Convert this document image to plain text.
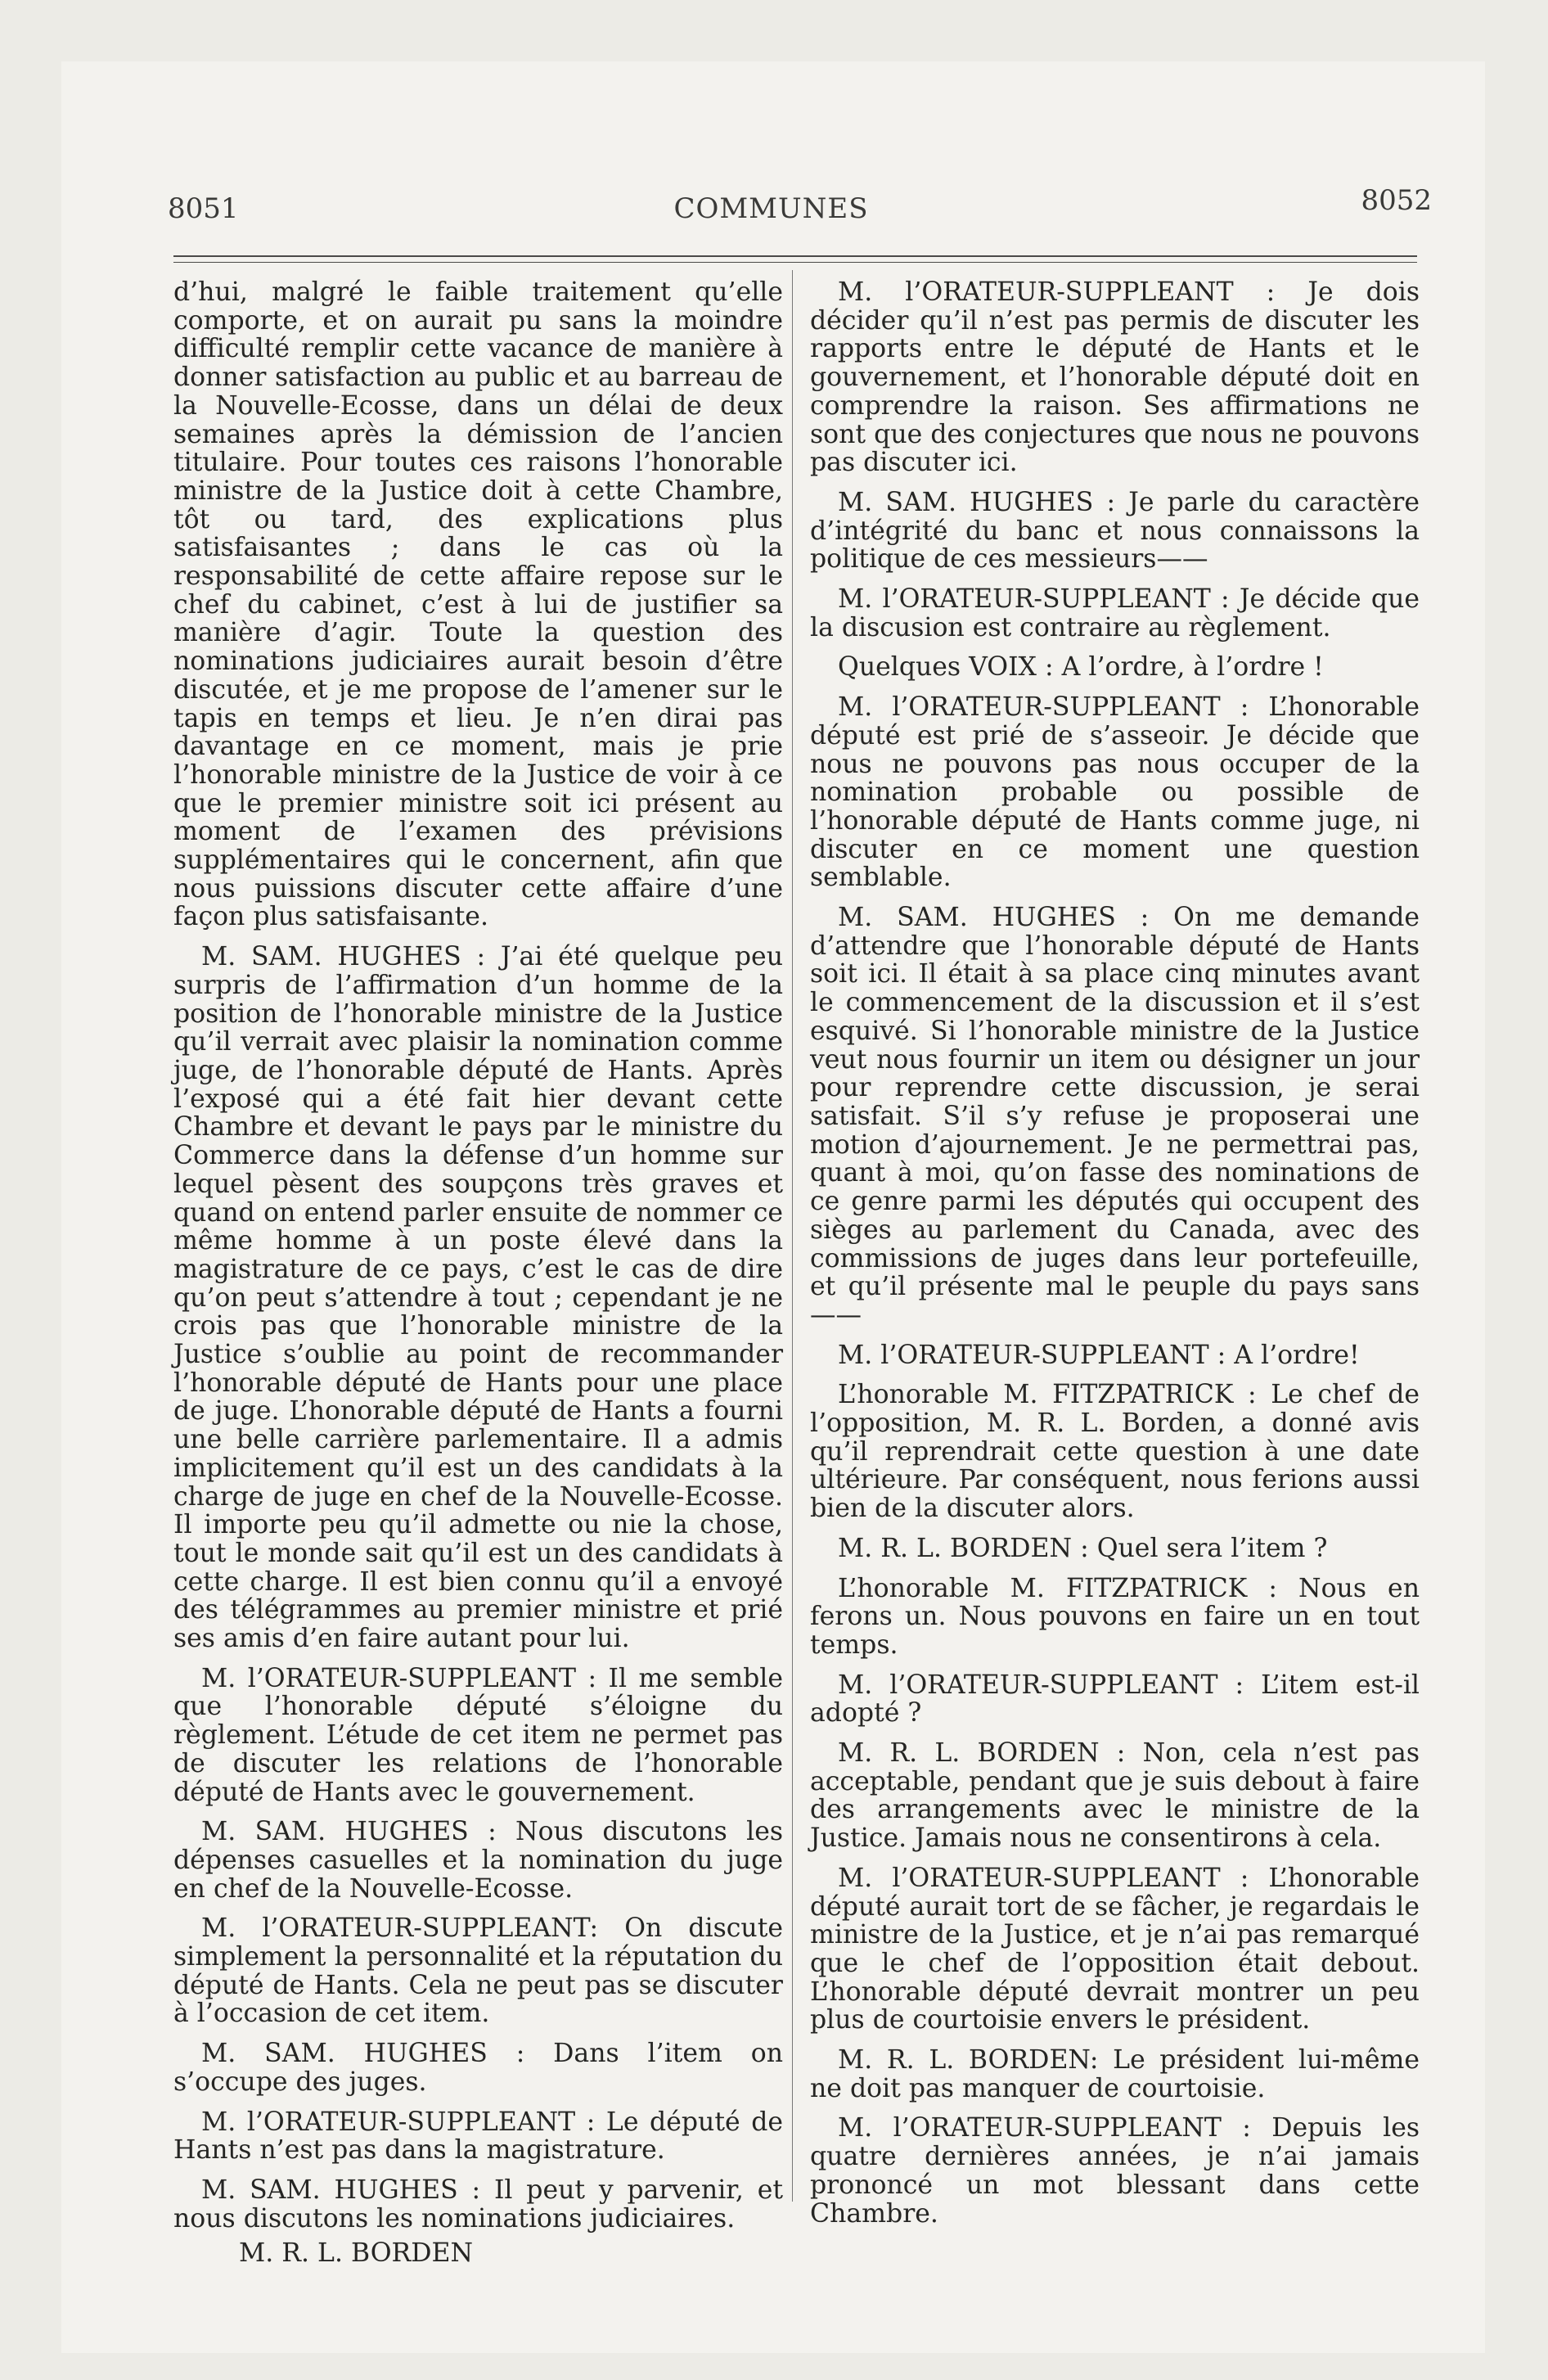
8051	COMMUNES	8052

d’hui, malgré le faible traitement qu’elle comporte, et on aurait pu sans la moindre difficulté remplir cette vacance de manière à donner satisfaction au public et au barreau de la Nouvelle-Ecosse, dans un délai de deux semaines après la démission de l’ancien titulaire. Pour toutes ces raisons l’honorable ministre de la Justice doit à cette Chambre, tôt ou tard, des explications plus satisfaisantes ; dans le cas où la responsabilité de cette affaire repose sur le chef du cabinet, c’est à lui de justifier sa manière d’agir. Toute la question des nominations judiciaires aurait besoin d’être discutée, et je me propose de l’amener sur le tapis en temps et lieu. Je n’en dirai pas davantage en ce moment, mais je prie l’honorable ministre de la Justice de voir à ce que le premier ministre soit ici présent au moment de l’examen des prévisions supplémentaires qui le concernent, afin que nous puissions discuter cette affaire d’une façon plus satisfaisante.

M. SAM. HUGHES : J’ai été quelque peu surpris de l’affirmation d’un homme de la position de l’honorable ministre de la Justice qu’il verrait avec plaisir la nomination comme juge, de l’honorable député de Hants. Après l’exposé qui a été fait hier devant cette Chambre et devant le pays par le ministre du Commerce dans la défense d’un homme sur lequel pèsent des soupçons très graves et quand on entend parler ensuite de nommer ce même homme à un poste élevé dans la magistrature de ce pays, c’est le cas de dire qu’on peut s’attendre à tout ; cependant je ne crois pas que l’honorable ministre de la Justice s’oublie au point de recommander l’honorable député de Hants pour une place de juge. L’honorable député de Hants a fourni une belle carrière parlementaire. Il a admis implicitement qu’il est un des candidats à la charge de juge en chef de la Nouvelle-Ecosse. Il importe peu qu’il admette ou nie la chose, tout le monde sait qu’il est un des candidats à cette charge. Il est bien connu qu’il a envoyé des télégrammes au premier ministre et prié ses amis d’en faire autant pour lui.

M. l’ORATEUR-SUPPLEANT : Il me semble que l’honorable député s’éloigne du règlement. L’étude de cet item ne permet pas de discuter les relations de l’honorable député de Hants avec le gouvernement.

M. SAM. HUGHES : Nous discutons les dépenses casuelles et la nomination du juge en chef de la Nouvelle-Ecosse.

M. l’ORATEUR-SUPPLEANT: On discute simplement la personnalité et la réputation du député de Hants. Cela ne peut pas se discuter à l’occasion de cet item.

M. SAM. HUGHES : Dans l’item on s’occupe des juges.

M. l’ORATEUR-SUPPLEANT : Le député de Hants n’est pas dans la magistrature.

M. SAM. HUGHES : Il peut y parvenir, et nous discutons les nominations judiciaires.

M. R. L. BORDEN

M. l’ORATEUR-SUPPLEANT : Je dois décider qu’il n’est pas permis de discuter les rapports entre le député de Hants et le gouvernement, et l’honorable député doit en comprendre la raison. Ses affirmations ne sont que des conjectures que nous ne pouvons pas discuter ici.

M. SAM. HUGHES : Je parle du caractère d’intégrité du banc et nous connaissons la politique de ces messieurs——

M. l’ORATEUR-SUPPLEANT : Je décide que la discusion est contraire au règlement.

Quelques VOIX : A l’ordre, à l’ordre !

M. l’ORATEUR-SUPPLEANT : L’honorable député est prié de s’asseoir. Je décide que nous ne pouvons pas nous occuper de la nomination probable ou possible de l’honorable député de Hants comme juge, ni discuter en ce moment une question semblable.

M. SAM. HUGHES : On me demande d’attendre que l’honorable député de Hants soit ici. Il était à sa place cinq minutes avant le commencement de la discussion et il s’est esquivé. Si l’honorable ministre de la Justice veut nous fournir un item ou désigner un jour pour reprendre cette discussion, je serai satisfait. S’il s’y refuse je proposerai une motion d’ajournement. Je ne permettrai pas, quant à moi, qu’on fasse des nominations de ce genre parmi les députés qui occupent des sièges au parlement du Canada, avec des commissions de juges dans leur portefeuille, et qu’il présente mal le peuple du pays sans——

M. l’ORATEUR-SUPPLEANT : A l’ordre!

L’honorable M. FITZPATRICK : Le chef de l’opposition, M. R. L. Borden, a donné avis qu’il reprendrait cette question à une date ultérieure. Par conséquent, nous ferions aussi bien de la discuter alors.

M. R. L. BORDEN : Quel sera l’item ?

L’honorable M. FITZPATRICK : Nous en ferons un. Nous pouvons en faire un en tout temps.

M. l’ORATEUR-SUPPLEANT : L’item est-il adopté ?

M. R. L. BORDEN : Non, cela n’est pas acceptable, pendant que je suis debout à faire des arrangements avec le ministre de la Justice. Jamais nous ne consentirons à cela.

M. l’ORATEUR-SUPPLEANT : L’honorable député aurait tort de se fâcher, je regardais le ministre de la Justice, et je n’ai pas remarqué que le chef de l’opposition était debout. L’honorable député devrait montrer un peu plus de courtoisie envers le président.

M. R. L. BORDEN: Le président lui-même ne doit pas manquer de courtoisie.

M. l’ORATEUR-SUPPLEANT : Depuis les quatre dernières années, je n’ai jamais prononcé un mot blessant dans cette Chambre.
